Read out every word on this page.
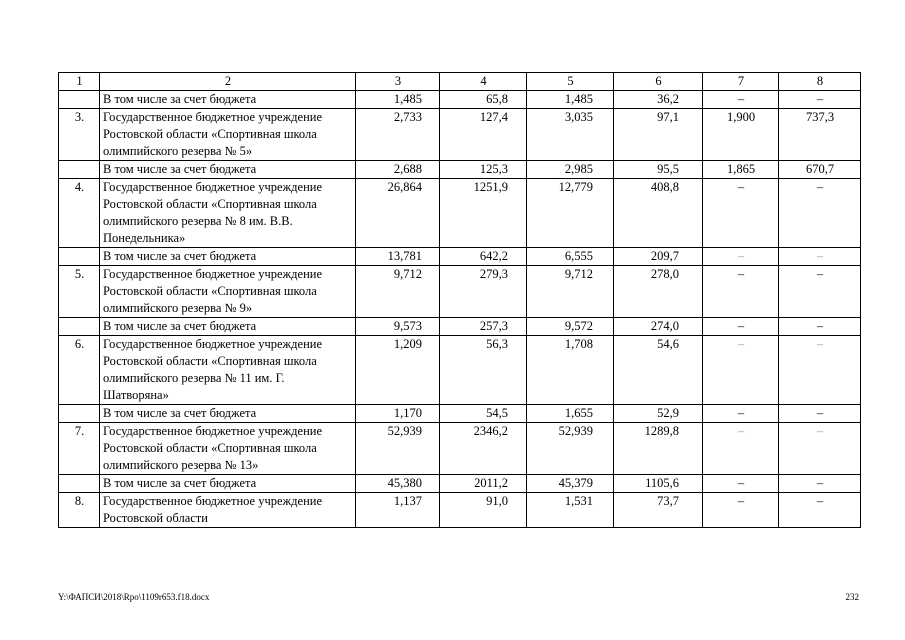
1	2	3	4	5	6	7	8
	В том числе за счет бюджета	1,485	65,8	1,485	36,2	–	–
3.	Государственное бюджетное учреждение Ростовской области «Спортивная школа олимпийского резерва № 5»	2,733	127,4	3,035	97,1	1,900	737,3
	В том числе за счет бюджета	2,688	125,3	2,985	95,5	1,865	670,7
4.	Государственное бюджетное учреждение Ростовской области «Спортивная школа олимпийского резерва № 8 им. В.В. Понедельника»	26,864	1251,9	12,779	408,8	–	–
	В том числе за счет бюджета	13,781	642,2	6,555	209,7	–	–
5.	Государственное бюджетное учреждение Ростовской области «Спортивная школа олимпийского резерва № 9»	9,712	279,3	9,712	278,0	–	–
	В том числе за счет бюджета	9,573	257,3	9,572	274,0	–	–
6.	Государственное бюджетное учреждение Ростовской области «Спортивная школа олимпийского резерва № 11 им. Г. Шатворяна»	1,209	56,3	1,708	54,6	–	–
	В том числе за счет бюджета	1,170	54,5	1,655	52,9	–	–
7.	Государственное бюджетное учреждение Ростовской области «Спортивная школа олимпийского резерва № 13»	52,939	2346,2	52,939	1289,8	–	–
	В том числе за счет бюджета	45,380	2011,2	45,379	1105,6	–	–
8.	Государственное бюджетное учреждение Ростовской области	1,137	91,0	1,531	73,7	–	–
Y:\ФАПСИ\2018\Rpo\1109r653.f18.docx	232
